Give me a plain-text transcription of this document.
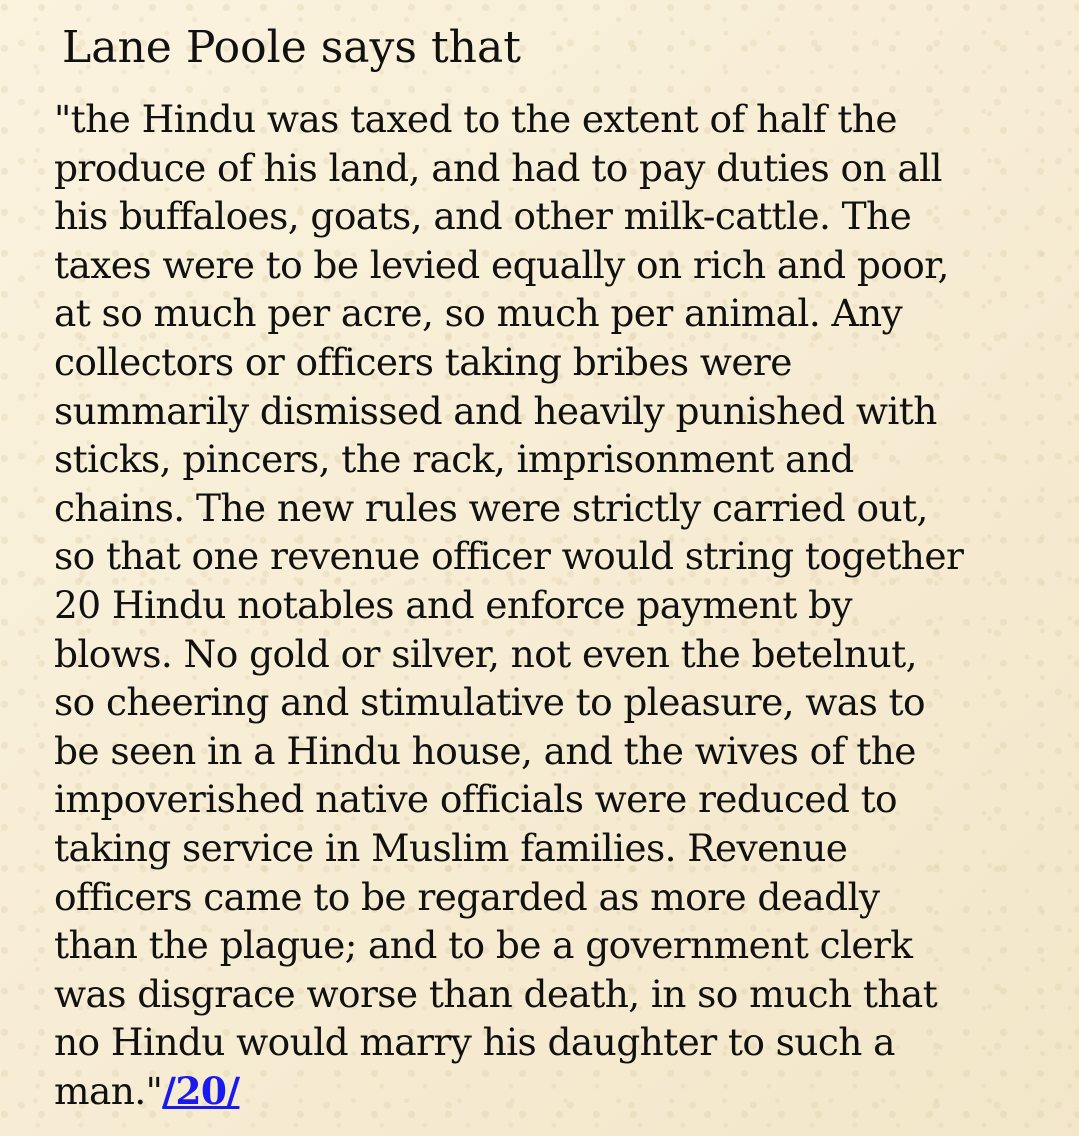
Lane Poole says that
"the Hindu was taxed to the extent of half the
produce of his land, and had to pay duties on all
his buffaloes, goats, and other milk-cattle. The
taxes were to be levied equally on rich and poor,
at so much per acre, so much per animal. Any
collectors or officers taking bribes were
summarily dismissed and heavily punished with
sticks, pincers, the rack, imprisonment and
chains. The new rules were strictly carried out,
so that one revenue officer would string together
20 Hindu notables and enforce payment by
blows. No gold or silver, not even the betelnut,
so cheering and stimulative to pleasure, was to
be seen in a Hindu house, and the wives of the
impoverished native officials were reduced to
taking service in Muslim families. Revenue
officers came to be regarded as more deadly
than the plague; and to be a government clerk
was disgrace worse than death, in so much that
no Hindu would marry his daughter to such a
man."/20/
